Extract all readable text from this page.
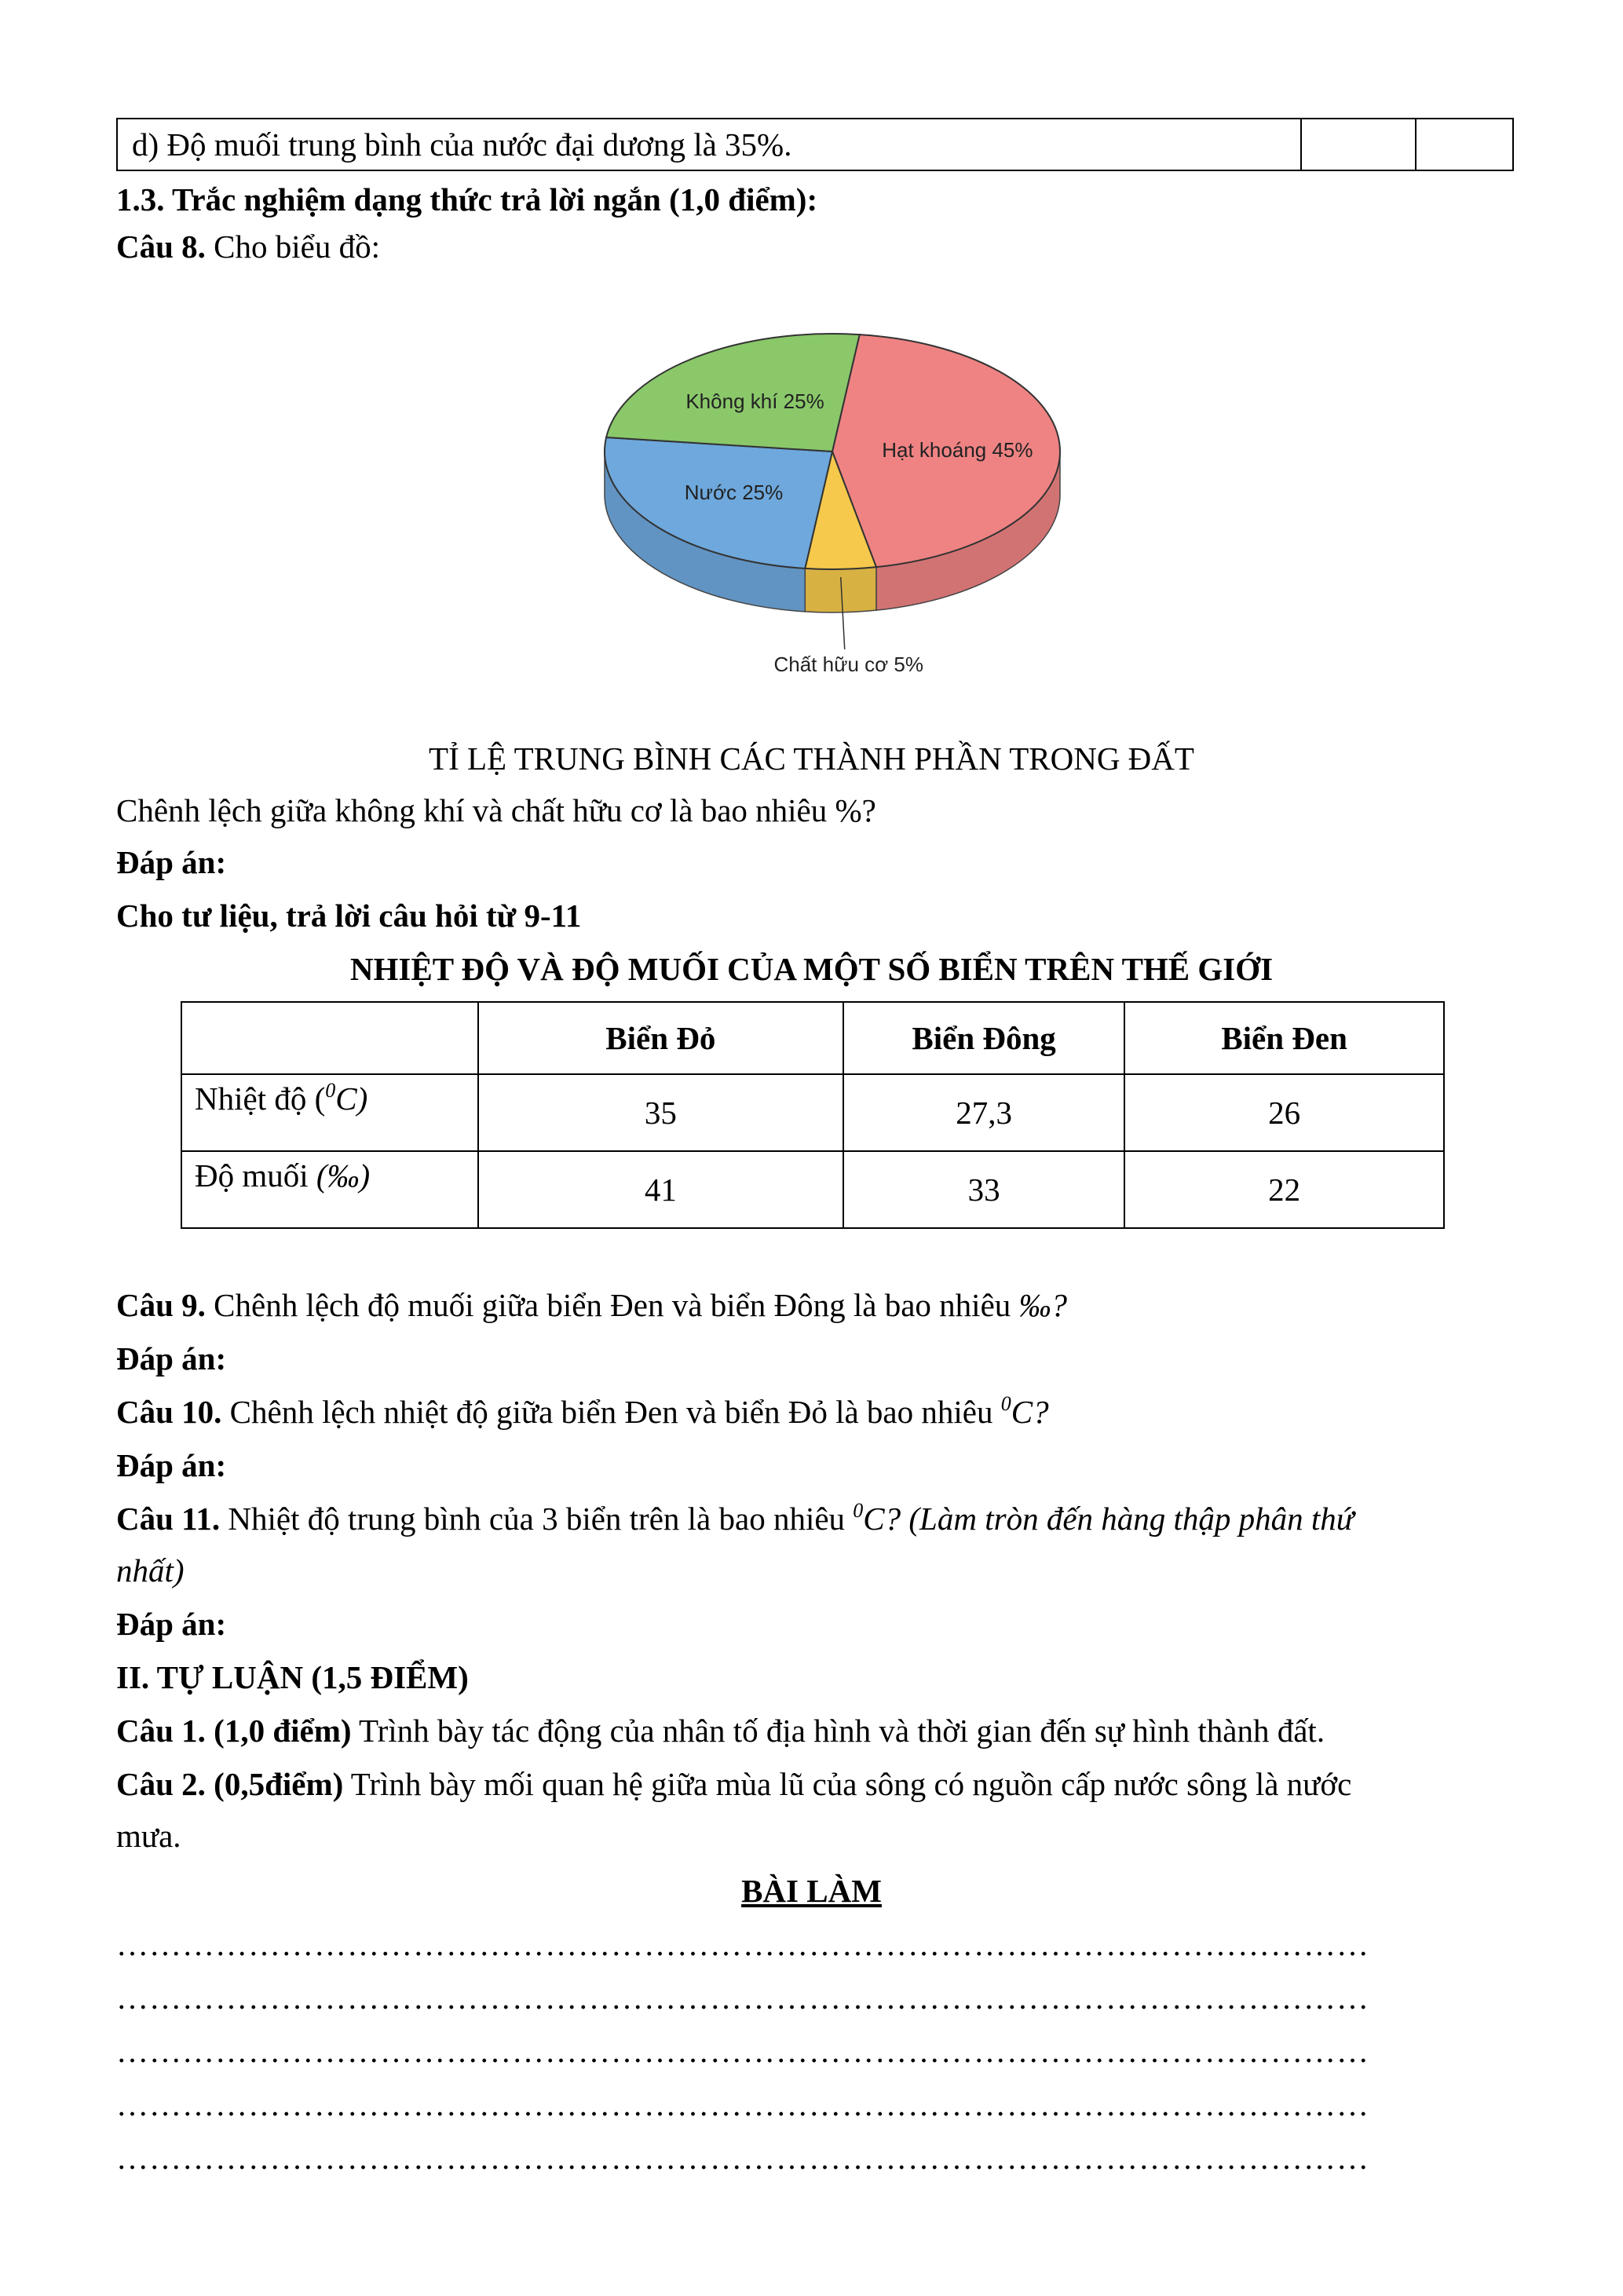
d) Độ muối trung bình của nước đại dương là 35%.
1.3. Trắc nghiệm dạng thức trả lời ngắn (1,0 điểm):
Câu 8. Cho biểu đồ:
Hạt khoáng 45%
Chất hữu cơ 5%
Nước 25%
Không khí 25%
TỈ LỆ TRUNG BÌNH CÁC THÀNH PHẦN TRONG ĐẤT
Chênh lệch giữa không khí và chất hữu cơ là bao nhiêu %?
Đáp án:
Cho tư liệu, trả lời câu hỏi từ 9-11
NHIỆT ĐỘ VÀ ĐỘ MUỐI CỦA MỘT SỐ BIỂN TRÊN THẾ GIỚI
	Biển Đỏ	Biển Đông	Biển Đen
Nhiệt độ ($^0$C)	35	27,3	26
Độ muối (‰)	41	33	22
Câu 9. Chênh lệch độ muối giữa biển Đen và biển Đông là bao nhiêu ‰?
Đáp án:
Câu 10. Chênh lệch nhiệt độ giữa biển Đen và biển Đỏ là bao nhiêu $^0$C?
Đáp án:
Câu 11. Nhiệt độ trung bình của 3 biển trên là bao nhiêu $^0$C? (Làm tròn đến hàng thập phân thứ
nhất)
Đáp án:
II. TỰ LUẬN (1,5 ĐIỂM)
Câu 1. (1,0 điểm) Trình bày tác động của nhân tố địa hình và thời gian đến sự hình thành đất.
Câu 2. (0,5điểm) Trình bày mối quan hệ giữa mùa lũ của sông có nguồn cấp nước sông là nước
mưa.
BÀI LÀM
……………………………………………………………………………………………………
……………………………………………………………………………………………………
……………………………………………………………………………………………………
……………………………………………………………………………………………………
……………………………………………………………………………………………………
